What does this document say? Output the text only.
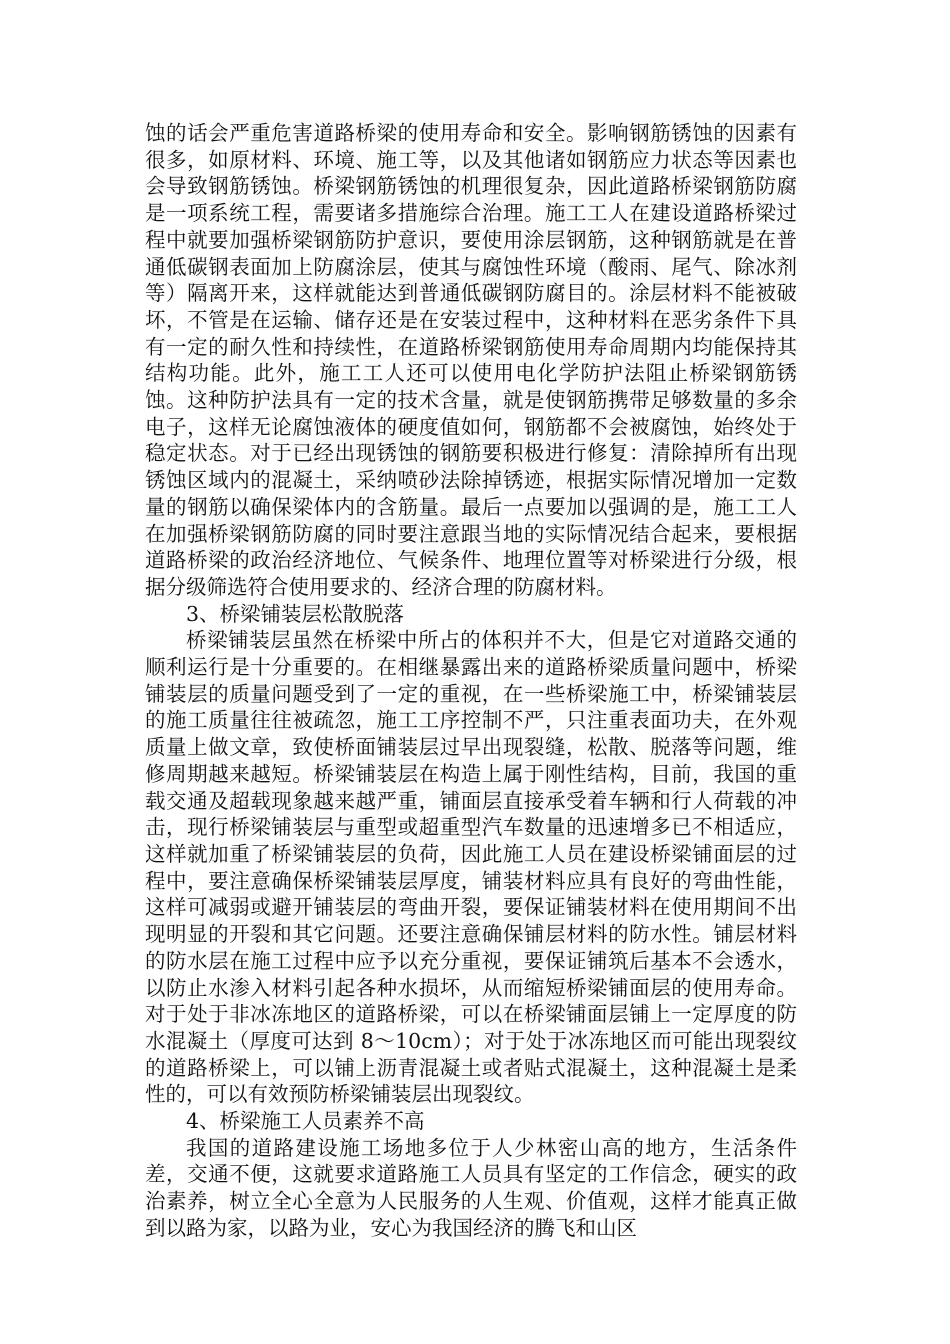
蚀的话会严重危害道路桥梁的使用寿命和安全。影响钢筋锈蚀的因素有很多，如原材料、环境、施工等，以及其他诸如钢筋应力状态等因素也会导致钢筋锈蚀。桥梁钢筋锈蚀的机理很复杂，因此道路桥梁钢筋防腐是一项系统工程，需要诸多措施综合治理。施工工人在建设道路桥梁过程中就要加强桥梁钢筋防护意识，要使用涂层钢筋，这种钢筋就是在普通低碳钢表面加上防腐涂层，使其与腐蚀性环境（酸雨、尾气、除冰剂等）隔离开来，这样就能达到普通低碳钢防腐目的。涂层材料不能被破坏，不管是在运输、储存还是在安装过程中，这种材料在恶劣条件下具有一定的耐久性和持续性，在道路桥梁钢筋使用寿命周期内均能保持其结构功能。此外，施工工人还可以使用电化学防护法阻止桥梁钢筋锈蚀。这种防护法具有一定的技术含量，就是使钢筋携带足够数量的多余电子，这样无论腐蚀液体的硬度值如何，钢筋都不会被腐蚀，始终处于稳定状态。对于已经出现锈蚀的钢筋要积极进行修复：清除掉所有出现锈蚀区域内的混凝土，采纳喷砂法除掉锈迹，根据实际情况增加一定数量的钢筋以确保梁体内的含筋量。最后一点要加以强调的是，施工工人在加强桥梁钢筋防腐的同时要注意跟当地的实际情况结合起来，要根据道路桥梁的政治经济地位、气候条件、地理位置等对桥梁进行分级，根据分级筛选符合使用要求的、经济合理的防腐材料。

3、桥梁铺装层松散脱落

桥梁铺装层虽然在桥梁中所占的体积并不大，但是它对道路交通的顺利运行是十分重要的。在相继暴露出来的道路桥梁质量问题中，桥梁铺装层的质量问题受到了一定的重视，在一些桥梁施工中，桥梁铺装层的施工质量往往被疏忽，施工工序控制不严，只注重表面功夫，在外观质量上做文章，致使桥面铺装层过早出现裂缝，松散、脱落等问题，维修周期越来越短。桥梁铺装层在构造上属于刚性结构，目前，我国的重载交通及超载现象越来越严重，铺面层直接承受着车辆和行人荷载的冲击，现行桥梁铺装层与重型或超重型汽车数量的迅速增多已不相适应，这样就加重了桥梁铺装层的负荷，因此施工人员在建设桥梁铺面层的过程中，要注意确保桥梁铺装层厚度，铺装材料应具有良好的弯曲性能，这样可减弱或避开铺装层的弯曲开裂，要保证铺装材料在使用期间不出现明显的开裂和其它问题。还要注意确保铺层材料的防水性。铺层材料的防水层在施工过程中应予以充分重视，要保证铺筑后基本不会透水，以防止水渗入材料引起各种水损坏，从而缩短桥梁铺面层的使用寿命。对于处于非冰冻地区的道路桥梁，可以在桥梁铺面层铺上一定厚度的防水混凝土（厚度可达到 8～10cm）；对于处于冰冻地区而可能出现裂纹的道路桥梁上，可以铺上沥青混凝土或者贴式混凝土，这种混凝土是柔性的，可以有效预防桥梁铺装层出现裂纹。

4、桥梁施工人员素养不高

我国的道路建设施工场地多位于人少林密山高的地方，生活条件差，交通不便，这就要求道路施工人员具有坚定的工作信念，硬实的政治素养，树立全心全意为人民服务的人生观、价值观，这样才能真正做到以路为家，以路为业，安心为我国经济的腾飞和山区
